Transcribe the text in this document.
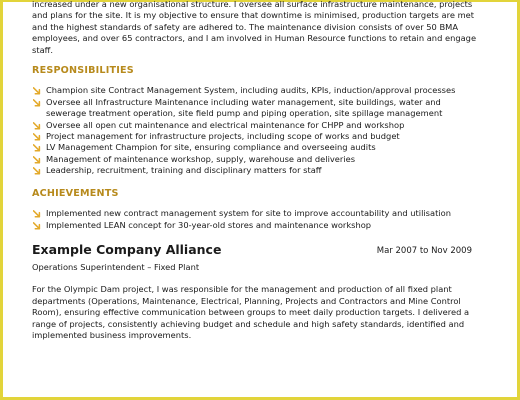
increased under a new organisational structure. I oversee all surface infrastructure maintenance, projects
and plans for the site. It is my objective to ensure that downtime is minimised, production targets are met
and the highest standards of safety are adhered to. The maintenance division consists of over 50 BMA
employees, and over 65 contractors, and I am involved in Human Resource functions to retain and engage
staff.
RESPONSIBILITIES
Champion site Contract Management System, including audits, KPIs, induction/approval processes
Oversee all Infrastructure Maintenance including water management, site buildings, water and
sewerage treatment operation, site field pump and piping operation, site spillage management
Oversee all open cut maintenance and electrical maintenance for CHPP and workshop
Project management for infrastructure projects, including scope of works and budget
LV Management Champion for site, ensuring compliance and overseeing audits
Management of maintenance workshop, supply, warehouse and deliveries
Leadership, recruitment, training and disciplinary matters for staff
ACHIEVEMENTS
Implemented new contract management system for site to improve accountability and utilisation
Implemented LEAN concept for 30-year-old stores and maintenance workshop
Example Company Alliance	Mar 2007 to Nov 2009
Operations Superintendent – Fixed Plant
For the Olympic Dam project, I was responsible for the management and production of all fixed plant
departments (Operations, Maintenance, Electrical, Planning, Projects and Contractors and Mine Control
Room), ensuring effective communication between groups to meet daily production targets. I delivered a
range of projects, consistently achieving budget and schedule and high safety standards, identified and
implemented business improvements.
